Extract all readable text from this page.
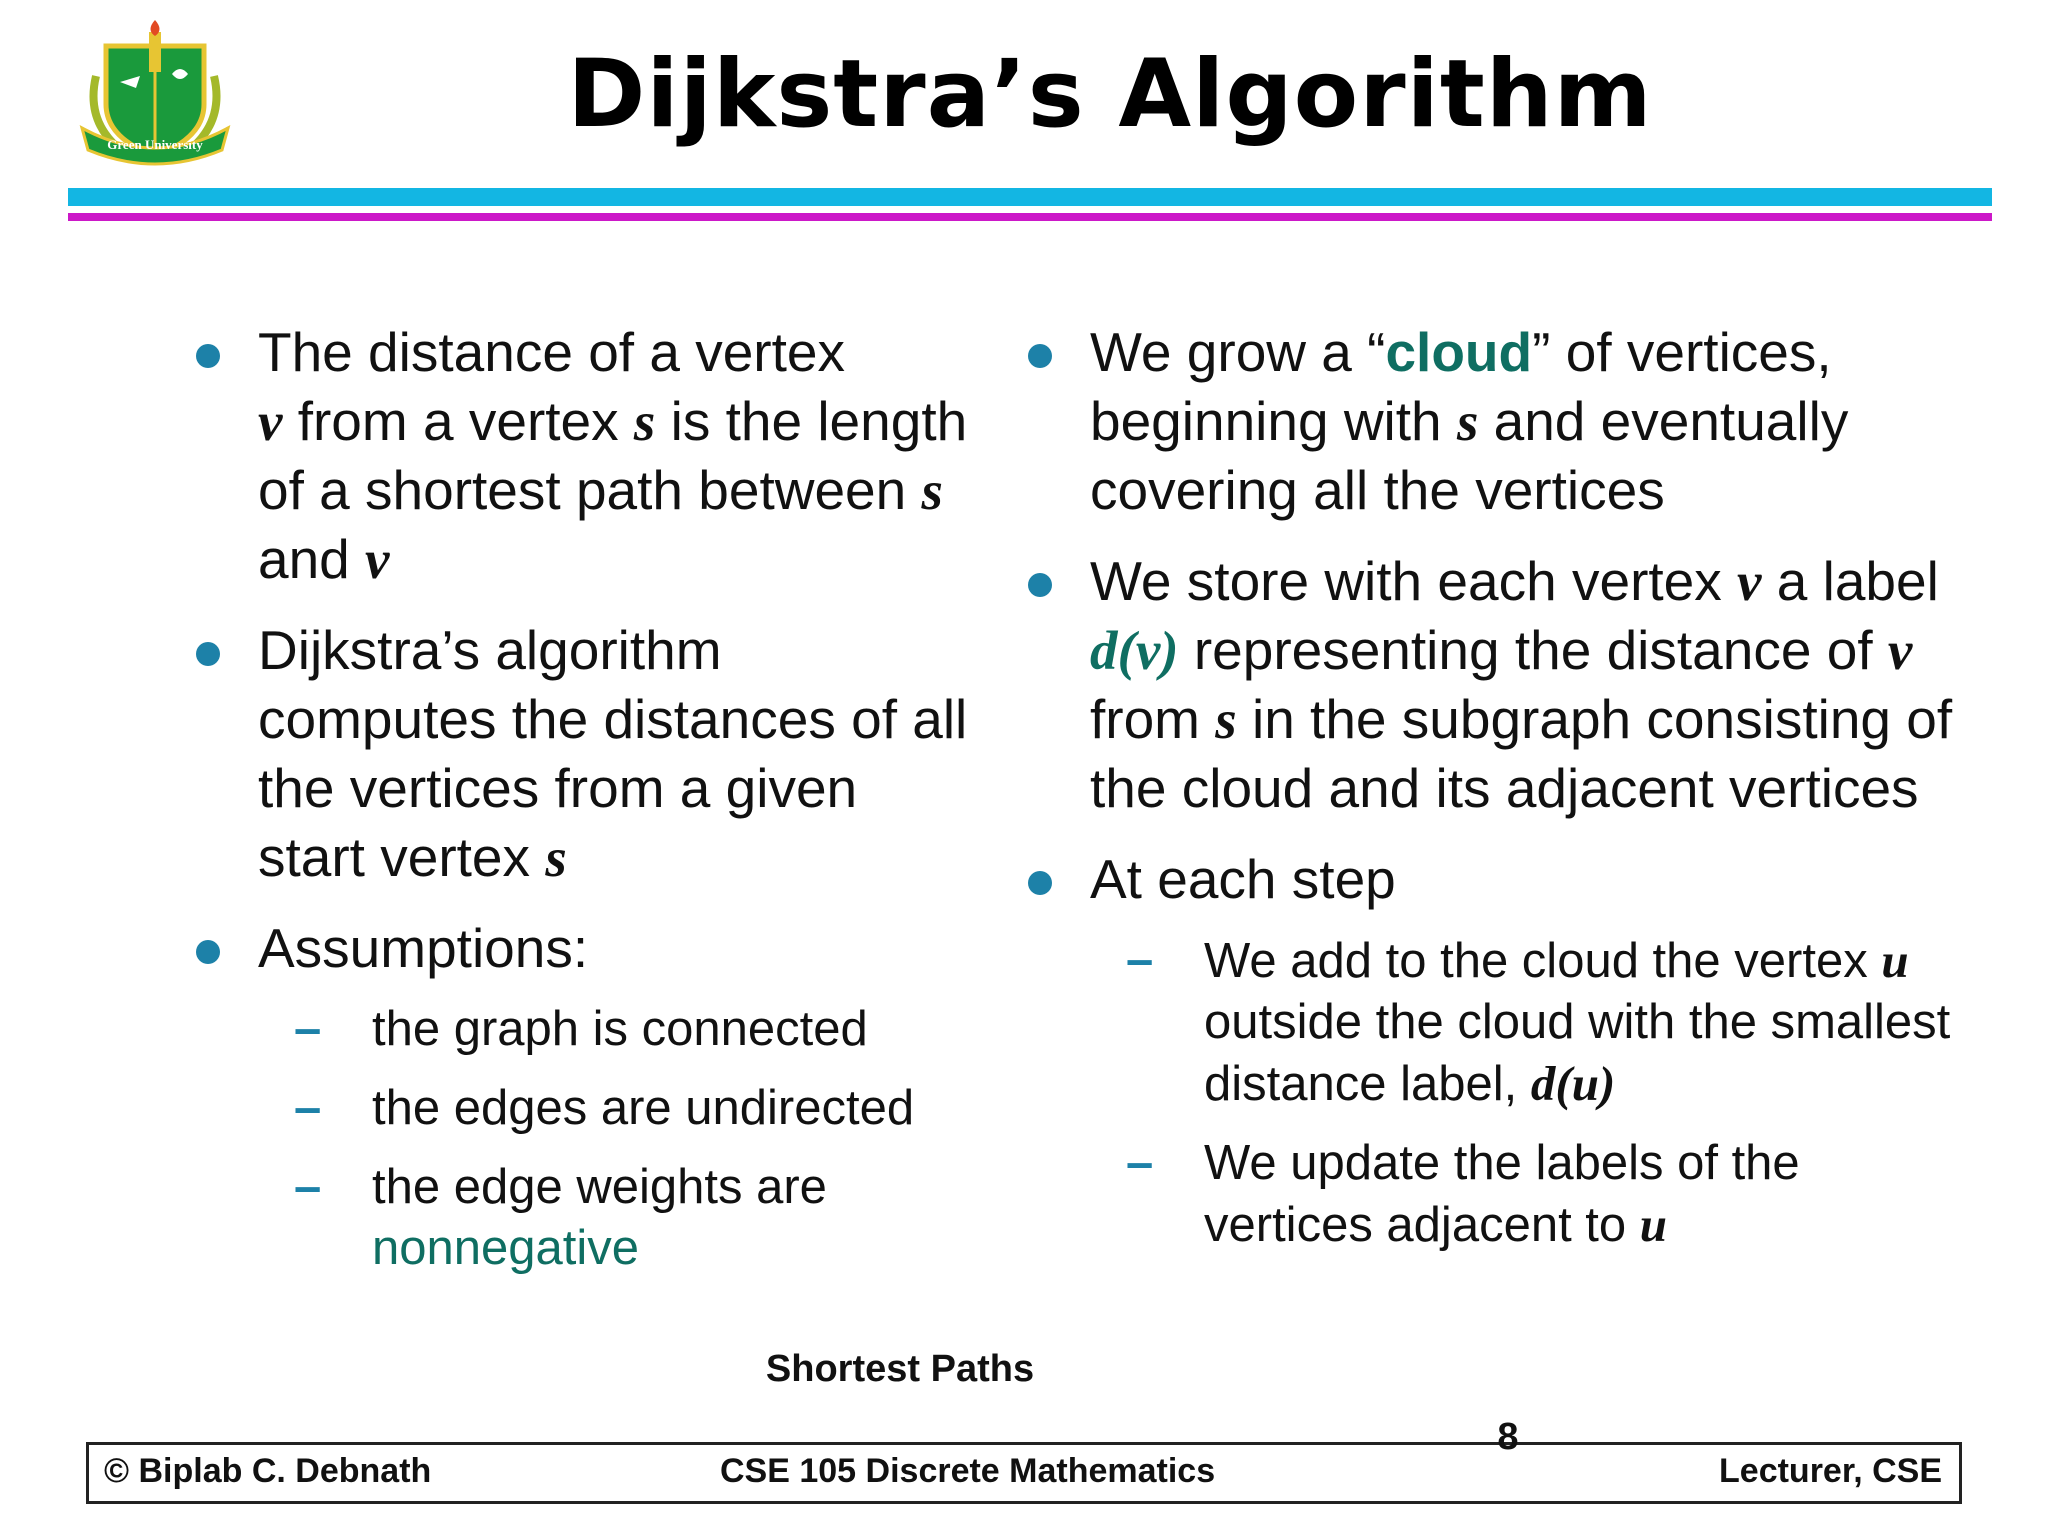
Green University	Dijkstra’s Algorithm
The distance of a vertex
v from a vertex s is the length of a shortest path between s and v
Dijkstra’s algorithm computes the distances of all the vertices from a given start vertex s
Assumptions:
– the graph is connected
– the edges are undirected
– the edge weights are nonnegative
We grow a “cloud” of vertices, beginning with s and eventually covering all the vertices
We store with each vertex v a label d(v) representing the distance of v from s in the subgraph consisting of the cloud and its adjacent vertices
At each step
– We add to the cloud the vertex u outside the cloud with the smallest distance label, d(u)
– We update the labels of the vertices adjacent to u
Shortest Paths
8
© Biplab C. Debnath	CSE 105 Discrete Mathematics	Lecturer, CSE
